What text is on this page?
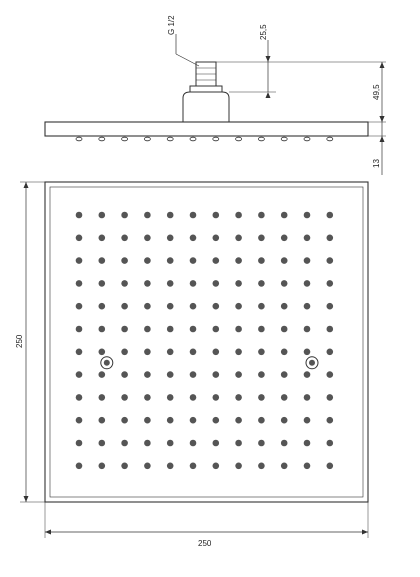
G 1/2	25,5
49,5
13
250
250
